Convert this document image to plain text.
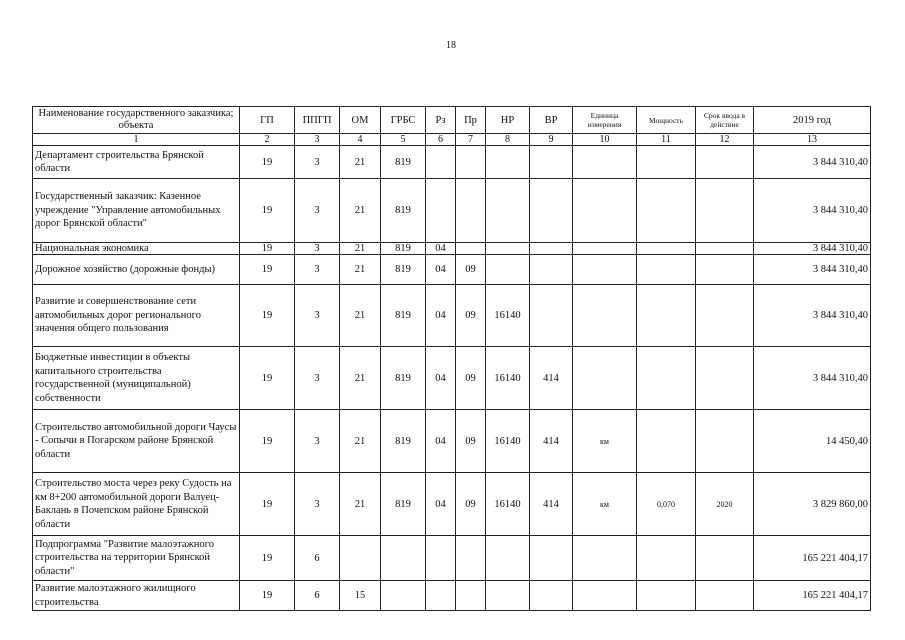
18
Наименование государственного заказчика; объекта	ГП	ППГП	ОМ	ГРБС	Рз	Пр	НР	ВР	Единица измерения	Мощность	Срок ввода в действие	2019 год
1	2	3	4	5	6	7	8	9	10	11	12	13
Департамент строительства Брянской области	19	3	21	819								3 844 310,40
Государственный заказчик: Казенное учреждение "Управление автомобильных дорог Брянской области"	19	3	21	819								3 844 310,40
Национальная экономика	19	3	21	819	04							3 844 310,40
Дорожное хозяйство (дорожные фонды)	19	3	21	819	04	09						3 844 310,40
Развитие и совершенствование сети автомобильных дорог регионального значения общего пользования	19	3	21	819	04	09	16140					3 844 310,40
Бюджетные инвестиции в объекты капитального строительства государственной (муниципальной) собственности	19	3	21	819	04	09	16140	414				3 844 310,40
Строительство автомобильной дороги Чаусы - Сопычи в Погарском районе Брянской области	19	3	21	819	04	09	16140	414	км			14 450,40
Строительство моста через реку Судость на км 8+200 автомобильной дороги Валуец-Баклань в Почепском районе Брянской области	19	3	21	819	04	09	16140	414	км	0,070	2020	3 829 860,00
Подпрограмма "Развитие малоэтажного строительства на территории Брянской области"	19	6										165 221 404,17
Развитие малоэтажного жилищного строительства	19	6	15									165 221 404,17
